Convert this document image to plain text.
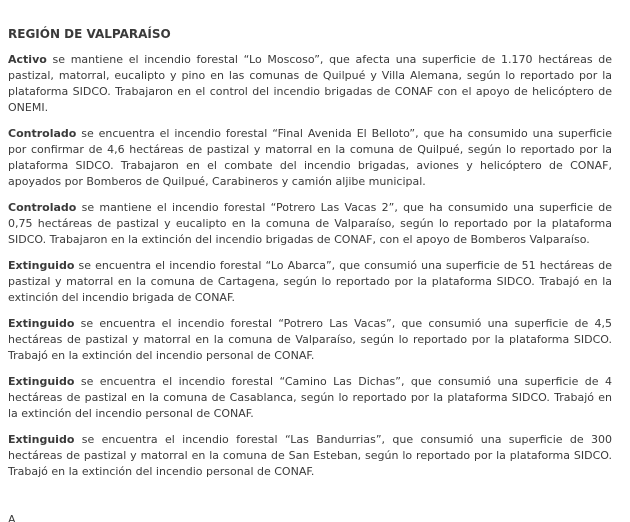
REGIÓN DE VALPARAÍSO

Activo se mantiene el incendio forestal “Lo Moscoso”, que afecta una superficie de 1.170 hectáreas de pastizal, matorral, eucalipto y pino en las comunas de Quilpué y Villa Alemana, según lo reportado por la plataforma SIDCO. Trabajaron en el control del incendio brigadas de CONAF con el apoyo de helicóptero de ONEMI.

Controlado se encuentra el incendio forestal “Final Avenida El Belloto”, que ha consumido una superficie por confirmar de 4,6 hectáreas de pastizal y matorral en la comuna de Quilpué, según lo reportado por la plataforma SIDCO. Trabajaron en el combate del incendio brigadas, aviones y helicóptero de CONAF, apoyados por Bomberos de Quilpué, Carabineros y camión aljibe municipal.

Controlado se mantiene el incendio forestal “Potrero Las Vacas 2”, que ha consumido una superficie de 0,75 hectáreas de pastizal y eucalipto en la comuna de Valparaíso, según lo reportado por la plataforma SIDCO. Trabajaron en la extinción del incendio brigadas de CONAF, con el apoyo de Bomberos Valparaíso.

Extinguido se encuentra el incendio forestal “Lo Abarca”, que consumió una superficie de 51 hectáreas de pastizal y matorral en la comuna de Cartagena, según lo reportado por la plataforma SIDCO. Trabajó en la extinción del incendio brigada de CONAF.

Extinguido se encuentra el incendio forestal “Potrero Las Vacas”, que consumió una superficie de 4,5 hectáreas de pastizal y matorral en la comuna de Valparaíso, según lo reportado por la plataforma SIDCO. Trabajó en la extinción del incendio personal de CONAF.

Extinguido se encuentra el incendio forestal “Camino Las Dichas”, que consumió una superficie de 4 hectáreas de pastizal en la comuna de Casablanca, según lo reportado por la plataforma SIDCO. Trabajó en la extinción del incendio personal de CONAF.

Extinguido se encuentra el incendio forestal “Las Bandurrias”, que consumió una superficie de 300 hectáreas de pastizal y matorral en la comuna de San Esteban, según lo reportado por la plataforma SIDCO. Trabajó en la extinción del incendio personal de CONAF.

A
